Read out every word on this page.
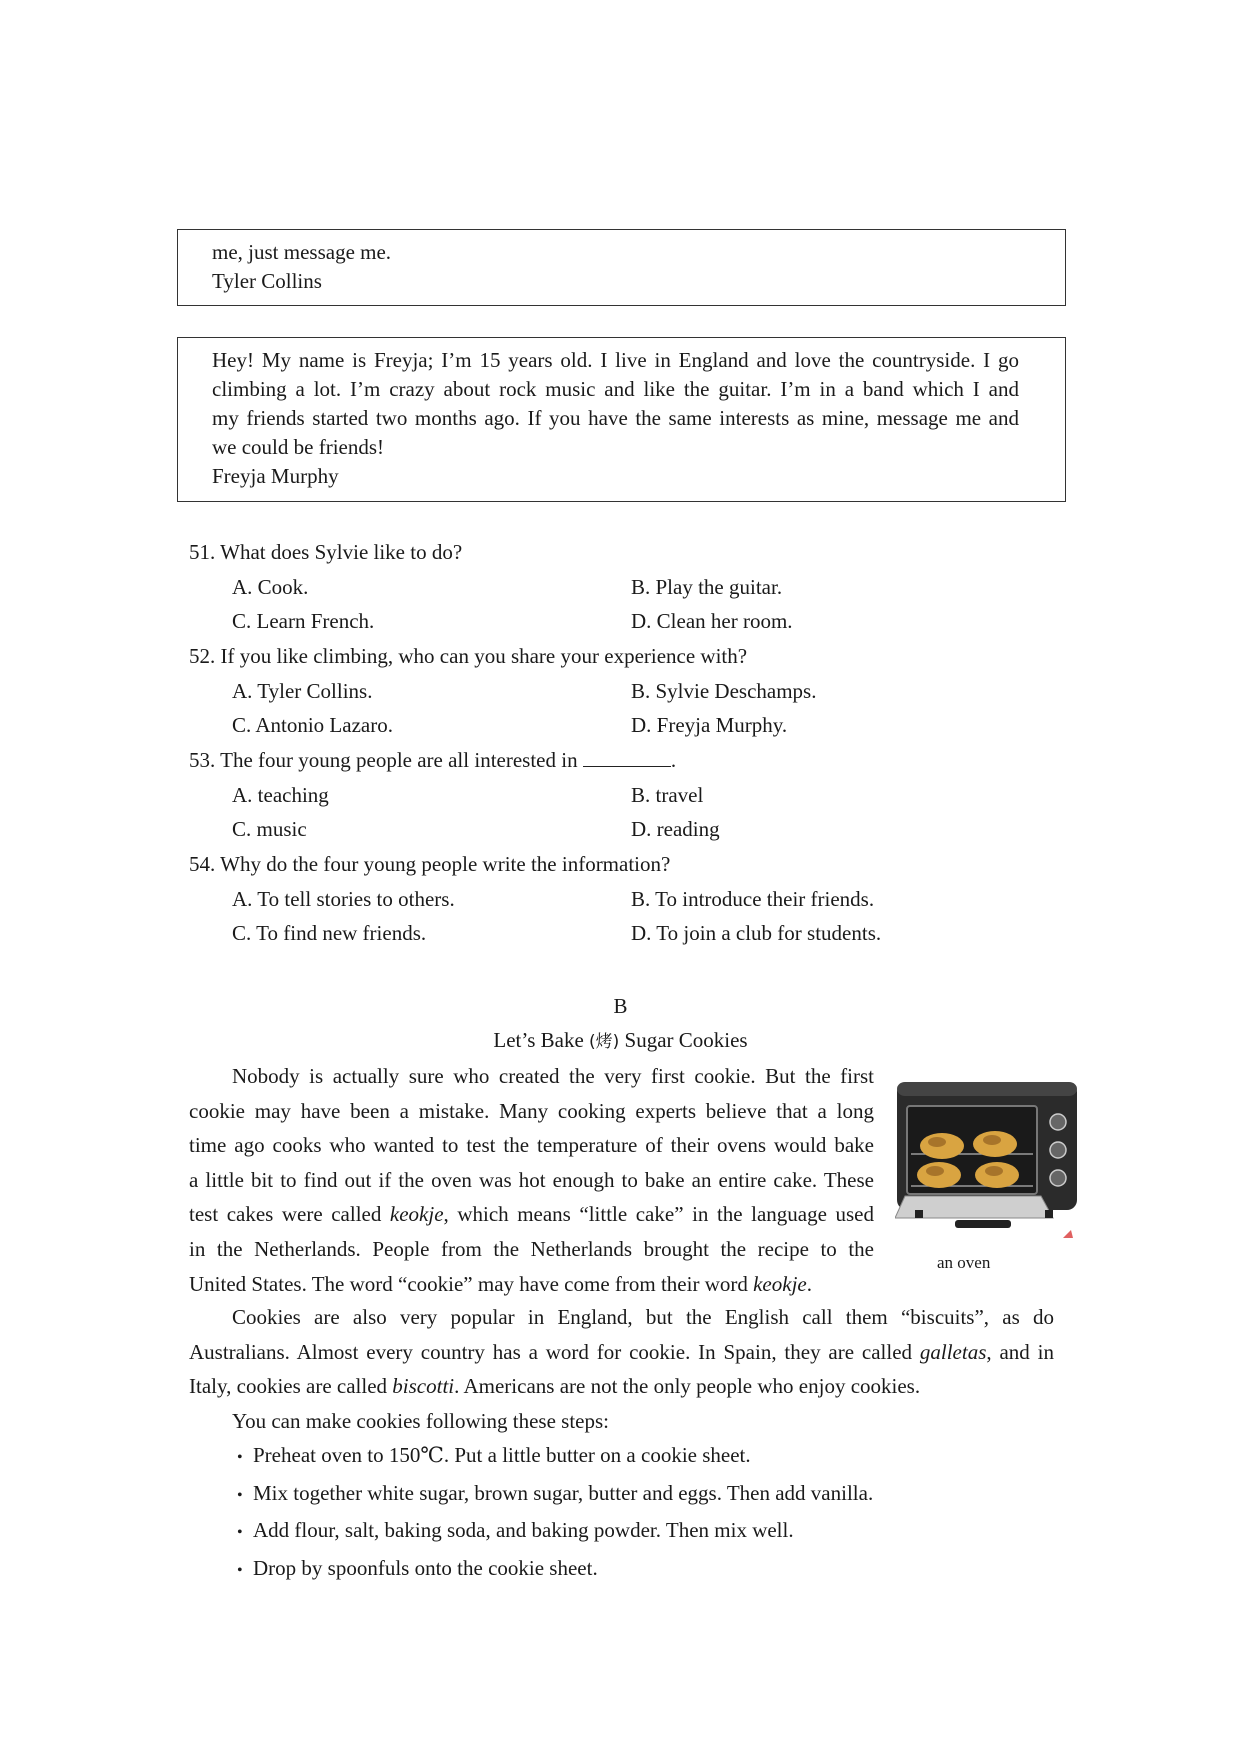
me, just message me.
Tyler Collins
Hey! My name is Freyja; I’m 15 years old. I live in England and love the countryside. I go
climbing a lot. I’m crazy about rock music and like the guitar. I’m in a band which I and
my friends started two months ago. If you have the same interests as mine, message me and
we could be friends!
Freyja Murphy
51. What does Sylvie like to do?
A. Cook.	B. Play the guitar.
C. Learn French.	D. Clean her room.
52. If you like climbing, who can you share your experience with?
A. Tyler Collins.	B. Sylvie Deschamps.
C. Antonio Lazaro.	D. Freyja Murphy.
53. The four young people are all interested in	.
A. teaching	B. travel
C. music	D. reading
54. Why do the four young people write the information?
A. To tell stories to others.	B. To introduce their friends.
C. To find new friends.	D. To join a club for students.
B
Let’s Bake (烤) Sugar Cookies
Nobody is actually sure who created the very first cookie. But the first
cookie may have been a mistake. Many cooking experts believe that a long
time ago cooks who wanted to test the temperature of their ovens would bake
a little bit to find out if the oven was hot enough to bake an entire cake. These
test cakes were called keokje, which means “little cake” in the language used
in the Netherlands. People from the Netherlands brought the recipe to the
United States. The word “cookie” may have come from their word keokje.
an oven
Cookies are also very popular in England, but the English call them “biscuits”, as do
Australians. Almost every country has a word for cookie. In Spain, they are called galletas, and in
Italy, cookies are called biscotti. Americans are not the only people who enjoy cookies.
You can make cookies following these steps:
• Preheat oven to 150℃. Put a little butter on a cookie sheet.
• Mix together white sugar, brown sugar, butter and eggs. Then add vanilla.
• Add flour, salt, baking soda, and baking powder. Then mix well.
• Drop by spoonfuls onto the cookie sheet.
